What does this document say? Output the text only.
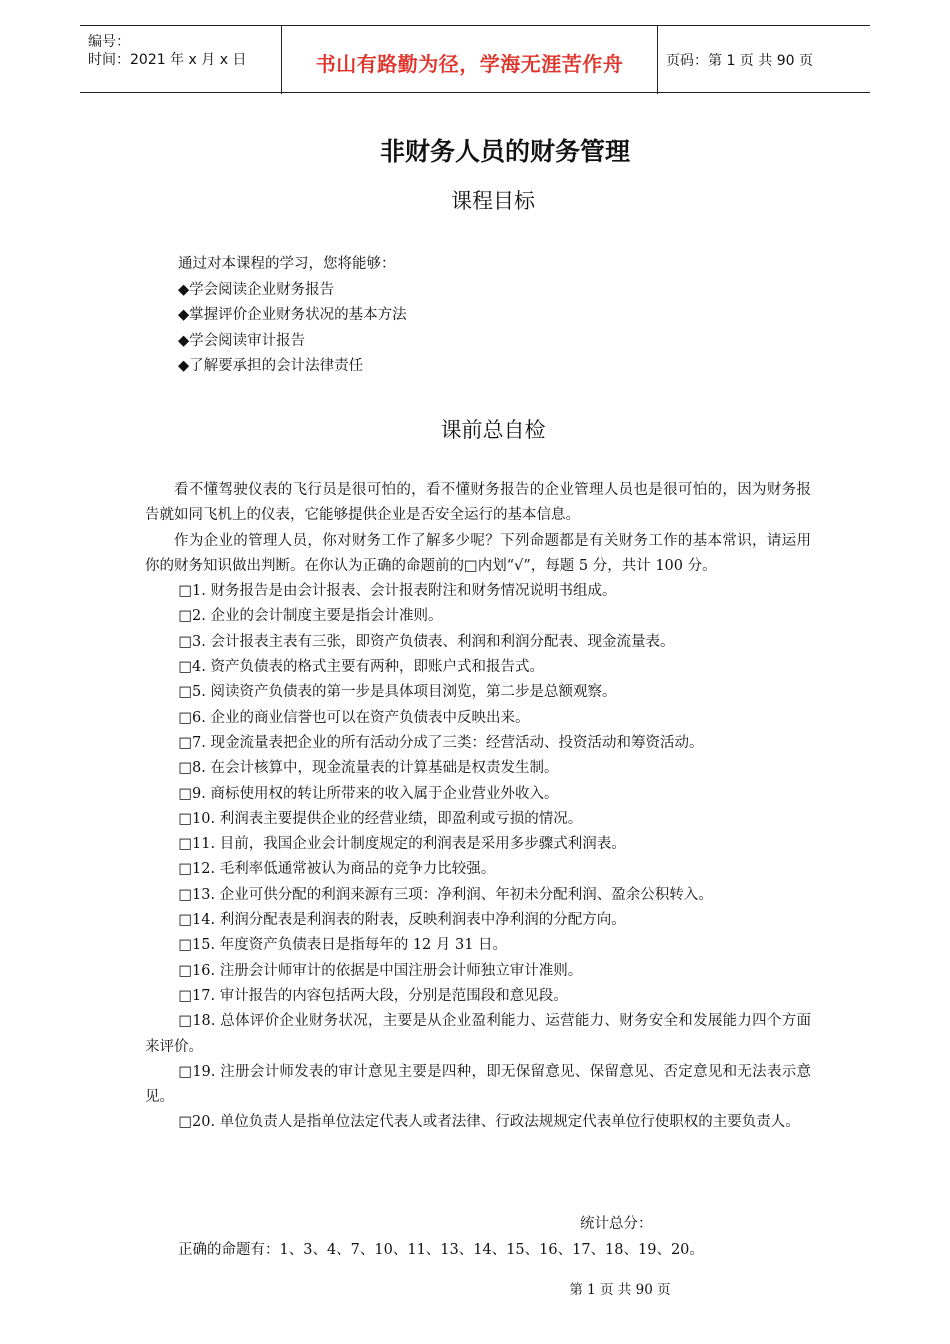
编号：
时间：2021 年 x 月 x 日	书山有路勤为径，学海无涯苦作舟	页码：第 1 页 共 90 页
非财务人员的财务管理
课程目标
通过对本课程的学习，您将能够：
◆学会阅读企业财务报告
◆掌握评价企业财务状况的基本方法
◆学会阅读审计报告
◆了解要承担的会计法律责任
课前总自检

看不懂驾驶仪表的飞行员是很可怕的，看不懂财务报告的企业管理人员也是很可怕的，因为财务报告就如同飞机上的仪表，它能够提供企业是否安全运行的基本信息。

作为企业的管理人员，你对财务工作了解多少呢？下列命题都是有关财务工作的基本常识，请运用你的财务知识做出判断。在你认为正确的命题前的□内划“√”，每题 5 分，共计 100 分。

□1. 财务报告是由会计报表、会计报表附注和财务情况说明书组成。

□2. 企业的会计制度主要是指会计准则。

□3. 会计报表主表有三张，即资产负债表、利润和利润分配表、现金流量表。

□4. 资产负债表的格式主要有两种，即账户式和报告式。

□5. 阅读资产负债表的第一步是具体项目浏览，第二步是总额观察。

□6. 企业的商业信誉也可以在资产负债表中反映出来。

□7. 现金流量表把企业的所有活动分成了三类：经营活动、投资活动和筹资活动。

□8. 在会计核算中，现金流量表的计算基础是权责发生制。

□9. 商标使用权的转让所带来的收入属于企业营业外收入。

□10. 利润表主要提供企业的经营业绩，即盈利或亏损的情况。

□11. 目前，我国企业会计制度规定的利润表是采用多步骤式利润表。

□12. 毛利率低通常被认为商品的竞争力比较强。

□13. 企业可供分配的利润来源有三项：净利润、年初未分配利润、盈余公积转入。

□14. 利润分配表是利润表的附表，反映利润表中净利润的分配方向。

□15. 年度资产负债表日是指每年的 12 月 31 日。

□16. 注册会计师审计的依据是中国注册会计师独立审计准则。

□17. 审计报告的内容包括两大段，分别是范围段和意见段。

□18. 总体评价企业财务状况，主要是从企业盈利能力、运营能力、财务安全和发展能力四个方面来评价。

□19. 注册会计师发表的审计意见主要是四种，即无保留意见、保留意见、否定意见和无法表示意见。

□20. 单位负责人是指单位法定代表人或者法律、行政法规规定代表单位行使职权的主要负责人。

统计总分：
正确的命题有：1、3、4、7、10、11、13、14、15、16、17、18、19、20。
第 1 页 共 90 页
